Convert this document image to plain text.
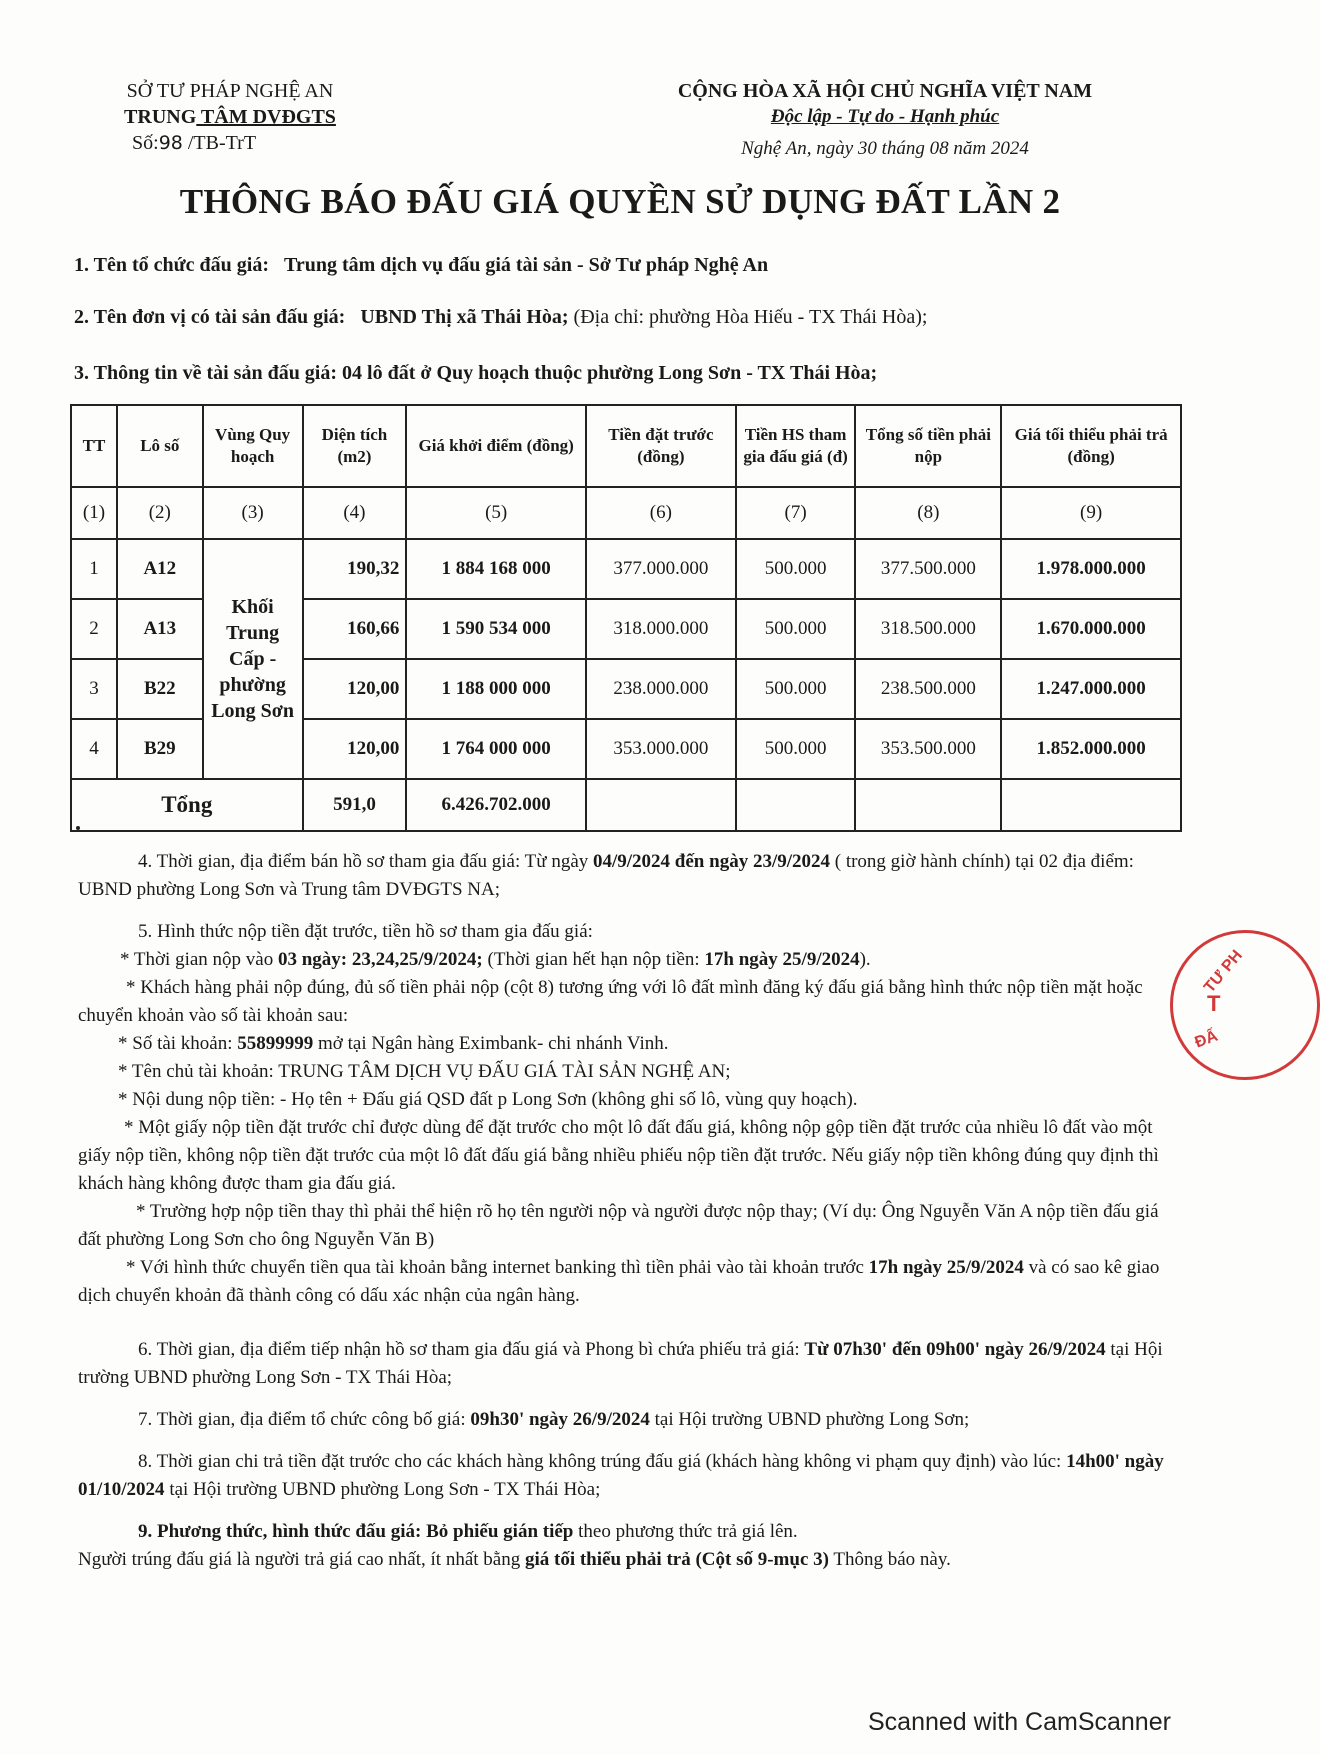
SỞ TƯ PHÁP NGHỆ AN
TRUNG TÂM DVĐGTS
Số:98 /TB-TrT
CỘNG HÒA XÃ HỘI CHỦ NGHĨA VIỆT NAM
Độc lập - Tự do - Hạnh phúc
Nghệ An, ngày 30 tháng 08 năm 2024
THÔNG BÁO ĐẤU GIÁ QUYỀN SỬ DỤNG ĐẤT LẦN 2
1. Tên tổ chức đấu giá: Trung tâm dịch vụ đấu giá tài sản - Sở Tư pháp Nghệ An
2. Tên đơn vị có tài sản đấu giá: UBND Thị xã Thái Hòa; (Địa chỉ: phường Hòa Hiếu - TX Thái Hòa);
3. Thông tin về tài sản đấu giá: 04 lô đất ở Quy hoạch thuộc phường Long Sơn - TX Thái Hòa;
TT	Lô số	Vùng Quy hoạch	Diện tích (m2)	Giá khởi điểm (đồng)	Tiền đặt trước (đồng)	Tiền HS tham gia đấu giá (đ)	Tổng số tiền phải nộp	Giá tối thiểu phải trả (đồng)
(1)	(2)	(3)	(4)	(5)	(6)	(7)	(8)	(9)
1	A12	Khối Trung Cấp - phường Long Sơn	190,32	1 884 168 000	377.000.000	500.000	377.500.000	1.978.000.000
2	A13		160,66	1 590 534 000	318.000.000	500.000	318.500.000	1.670.000.000
3	B22		120,00	1 188 000 000	238.000.000	500.000	238.500.000	1.247.000.000
4	B29		120,00	1 764 000 000	353.000.000	500.000	353.500.000	1.852.000.000
Tổng			591,0	6.426.702.000				

4. Thời gian, địa điểm bán hồ sơ tham gia đấu giá: Từ ngày 04/9/2024 đến ngày 23/9/2024 ( trong giờ hành chính) tại 02 địa điểm: UBND phường Long Sơn và Trung tâm DVĐGTS NA;

5. Hình thức nộp tiền đặt trước, tiền hồ sơ tham gia đấu giá:

* Thời gian nộp vào 03 ngày: 23,24,25/9/2024; (Thời gian hết hạn nộp tiền: 17h ngày 25/9/2024).

* Khách hàng phải nộp đúng, đủ số tiền phải nộp (cột 8) tương ứng với lô đất mình đăng ký đấu giá bằng hình thức nộp tiền mặt hoặc chuyển khoản vào số tài khoản sau:

* Số tài khoản: 55899999 mở tại Ngân hàng Eximbank- chi nhánh Vinh.

* Tên chủ tài khoản: TRUNG TÂM DỊCH VỤ ĐẤU GIÁ TÀI SẢN NGHỆ AN;

* Nội dung nộp tiền: - Họ tên + Đấu giá QSD đất p Long Sơn (không ghi số lô, vùng quy hoạch).

* Một giấy nộp tiền đặt trước chỉ được dùng để đặt trước cho một lô đất đấu giá, không nộp gộp tiền đặt trước của nhiều lô đất vào một giấy nộp tiền, không nộp tiền đặt trước của một lô đất đấu giá bằng nhiều phiếu nộp tiền đặt trước. Nếu giấy nộp tiền không đúng quy định thì khách hàng không được tham gia đấu giá.

* Trường hợp nộp tiền thay thì phải thể hiện rõ họ tên người nộp và người được nộp thay; (Ví dụ: Ông Nguyễn Văn A nộp tiền đấu giá đất phường Long Sơn cho ông Nguyễn Văn B)

* Với hình thức chuyển tiền qua tài khoản bằng internet banking thì tiền phải vào tài khoản trước 17h ngày 25/9/2024 và có sao kê giao dịch chuyển khoản đã thành công có dấu xác nhận của ngân hàng.

6. Thời gian, địa điểm tiếp nhận hồ sơ tham gia đấu giá và Phong bì chứa phiếu trả giá: Từ 07h30' đến 09h00' ngày 26/9/2024 tại Hội trường UBND phường Long Sơn - TX Thái Hòa;

7. Thời gian, địa điểm tổ chức công bố giá: 09h30' ngày 26/9/2024 tại Hội trường UBND phường Long Sơn;

8. Thời gian chi trả tiền đặt trước cho các khách hàng không trúng đấu giá (khách hàng không vi phạm quy định) vào lúc: 14h00' ngày 01/10/2024 tại Hội trường UBND phường Long Sơn - TX Thái Hòa;

9. Phương thức, hình thức đấu giá: Bỏ phiếu gián tiếp theo phương thức trả giá lên.

Người trúng đấu giá là người trả giá cao nhất, ít nhất bằng giá tối thiểu phải trả (Cột số 9-mục 3) Thông báo này.

TƯ PH
T
ĐẤ
Scanned with CamScanner
